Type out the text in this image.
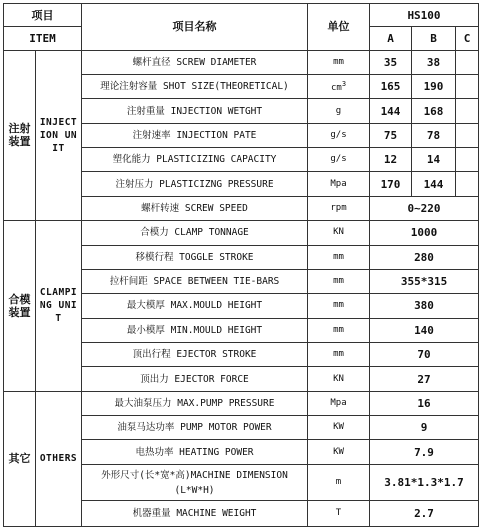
项目		项目名称	单位	HS100		
ITEM				A	B	C
注射装置	INJECTION UNIT	螺杆直径 SCREW DIAMETER	mm	35	38	
		理论注射容量 SHOT SIZE(THEORETICAL)	$cm^3$	165	190	
		注射重量 INJECTION WETGHT	g	144	168	
		注射速率 INJECTION PATE	g/s	75	78	
		塑化能力 PLASTICIZING CAPACITY	g/s	12	14	
		注射压力 PLASTICIZNG PRESSURE	Mpa	170	144	
		螺杆转速 SCREW SPEED	rpm	0~220		
合模装置	CLAMPING UNIT	合模力 CLAMP TONNAGE	KN	1000		
		移模行程 TOGGLE STROKE	mm	280		
		拉杆间距 SPACE BETWEEN TIE-BARS	mm	355*315		
		最大模厚 MAX.MOULD HEIGHT	mm	380		
		最小模厚 MIN.MOULD HEIGHT	mm	140		
		顶出行程 EJECTOR STROKE	mm	70		
		顶出力 EJECTOR FORCE	KN	27		
其它	OTHERS	最大油泵压力 MAX.PUMP PRESSURE	Mpa	16		
		油泵马达功率 PUMP MOTOR POWER	KW	9		
		电热功率 HEATING POWER	KW	7.9		
		外形尺寸(长*宽*高)MACHINE DIMENSION (L*W*H)	m	3.81*1.3*1.7		
		机器重量 MACHINE WEIGHT	T	2.7		
